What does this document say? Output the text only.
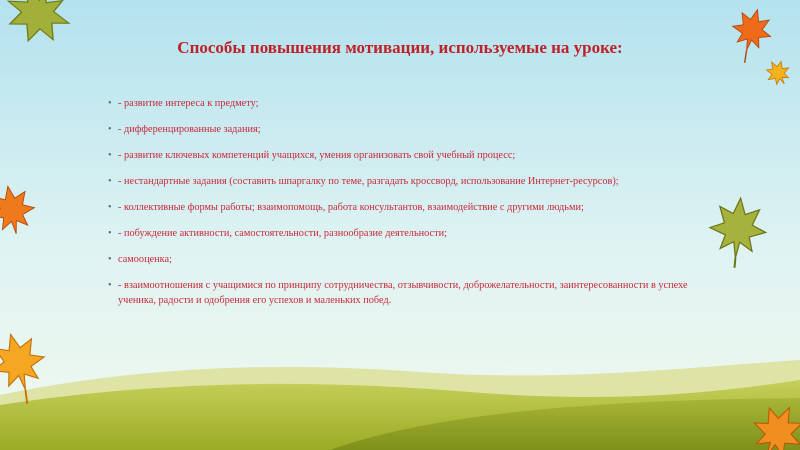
Способы повышения мотивации, используемые на уроке:
• - развитие интереса к предмету;
• - дифференцированные задания;
• - развитие ключевых компетенций учащихся, умения организовать свой учебный процесс;
• - нестандартные задания (составить шпаргалку по теме, разгадать кроссворд, использование Интернет-ресурсов);
• - коллективные формы работы; взаимопомощь, работа консультантов, взаимодействие с другими людьми;
• - побуждение активности, самостоятельности, разнообразие деятельности;
• самооценка;
• - взаимоотношения с учащимися по принципу сотрудничества, отзывчивости, доброжелательности, заинтересованности в успехе ученика, радости и одобрения его успехов и маленьких побед.
